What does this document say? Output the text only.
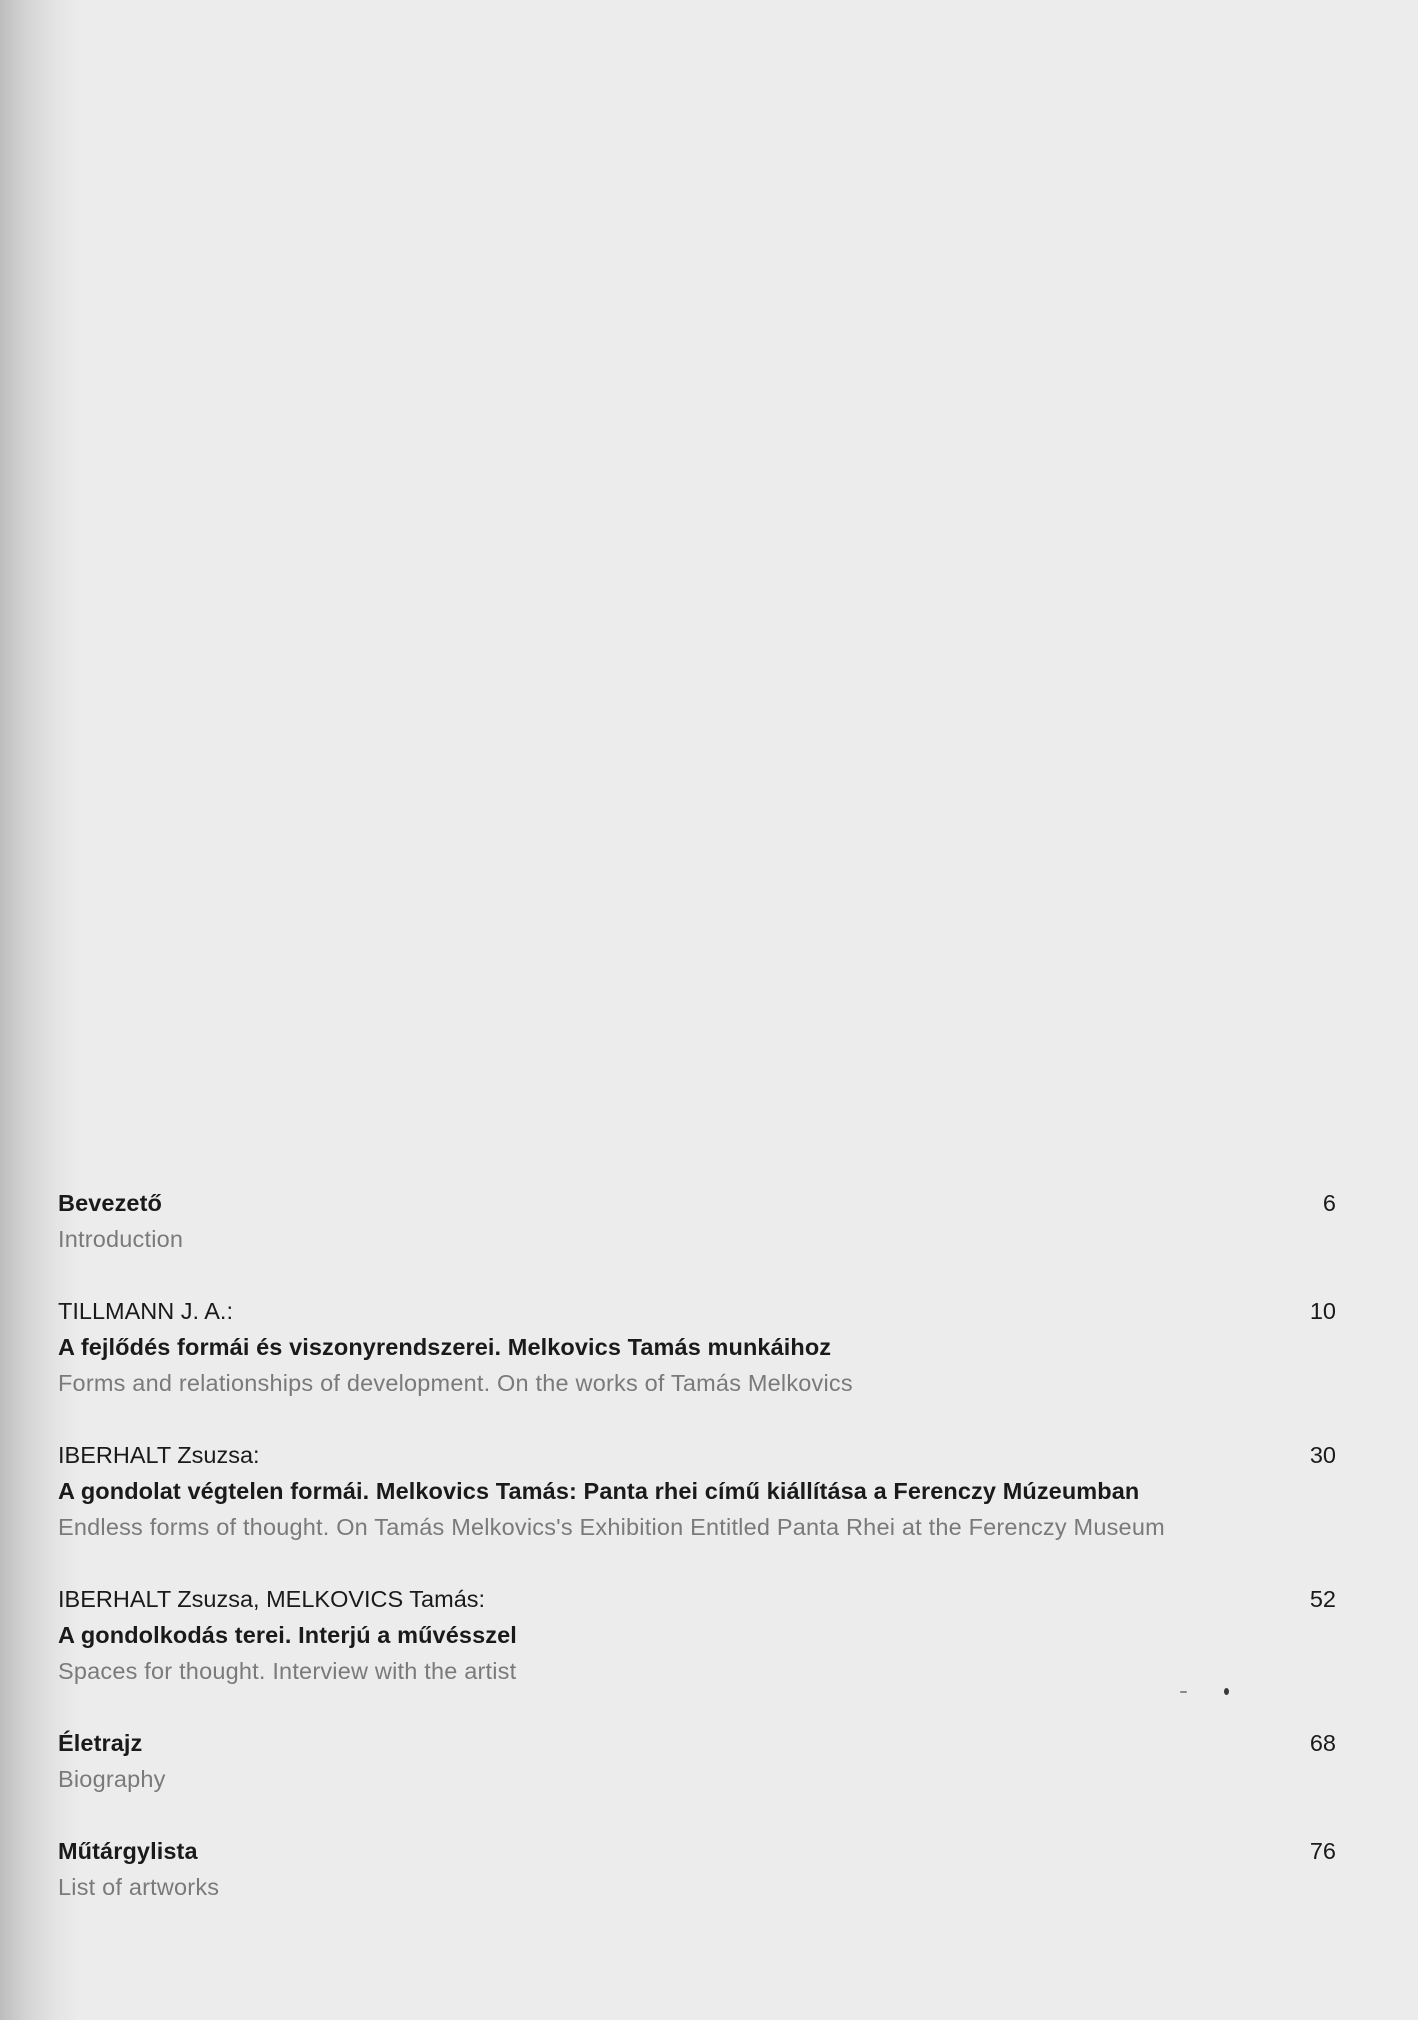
Bevezető
Introduction
6
TILLMANN J. A.:
A fejlődés formái és viszonyrendszerei. Melkovics Tamás munkáihoz
Forms and relationships of development. On the works of Tamás Melkovics
10
IBERHALT Zsuzsa:
A gondolat végtelen formái. Melkovics Tamás: Panta rhei című kiállítása a Ferenczy Múzeumban
Endless forms of thought. On Tamás Melkovics's Exhibition Entitled Panta Rhei at the Ferenczy Museum
30
IBERHALT Zsuzsa, MELKOVICS Tamás:
A gondolkodás terei. Interjú a művésszel
Spaces for thought. Interview with the artist
52
Életrajz
Biography
68
Műtárgylista
List of artworks
76
